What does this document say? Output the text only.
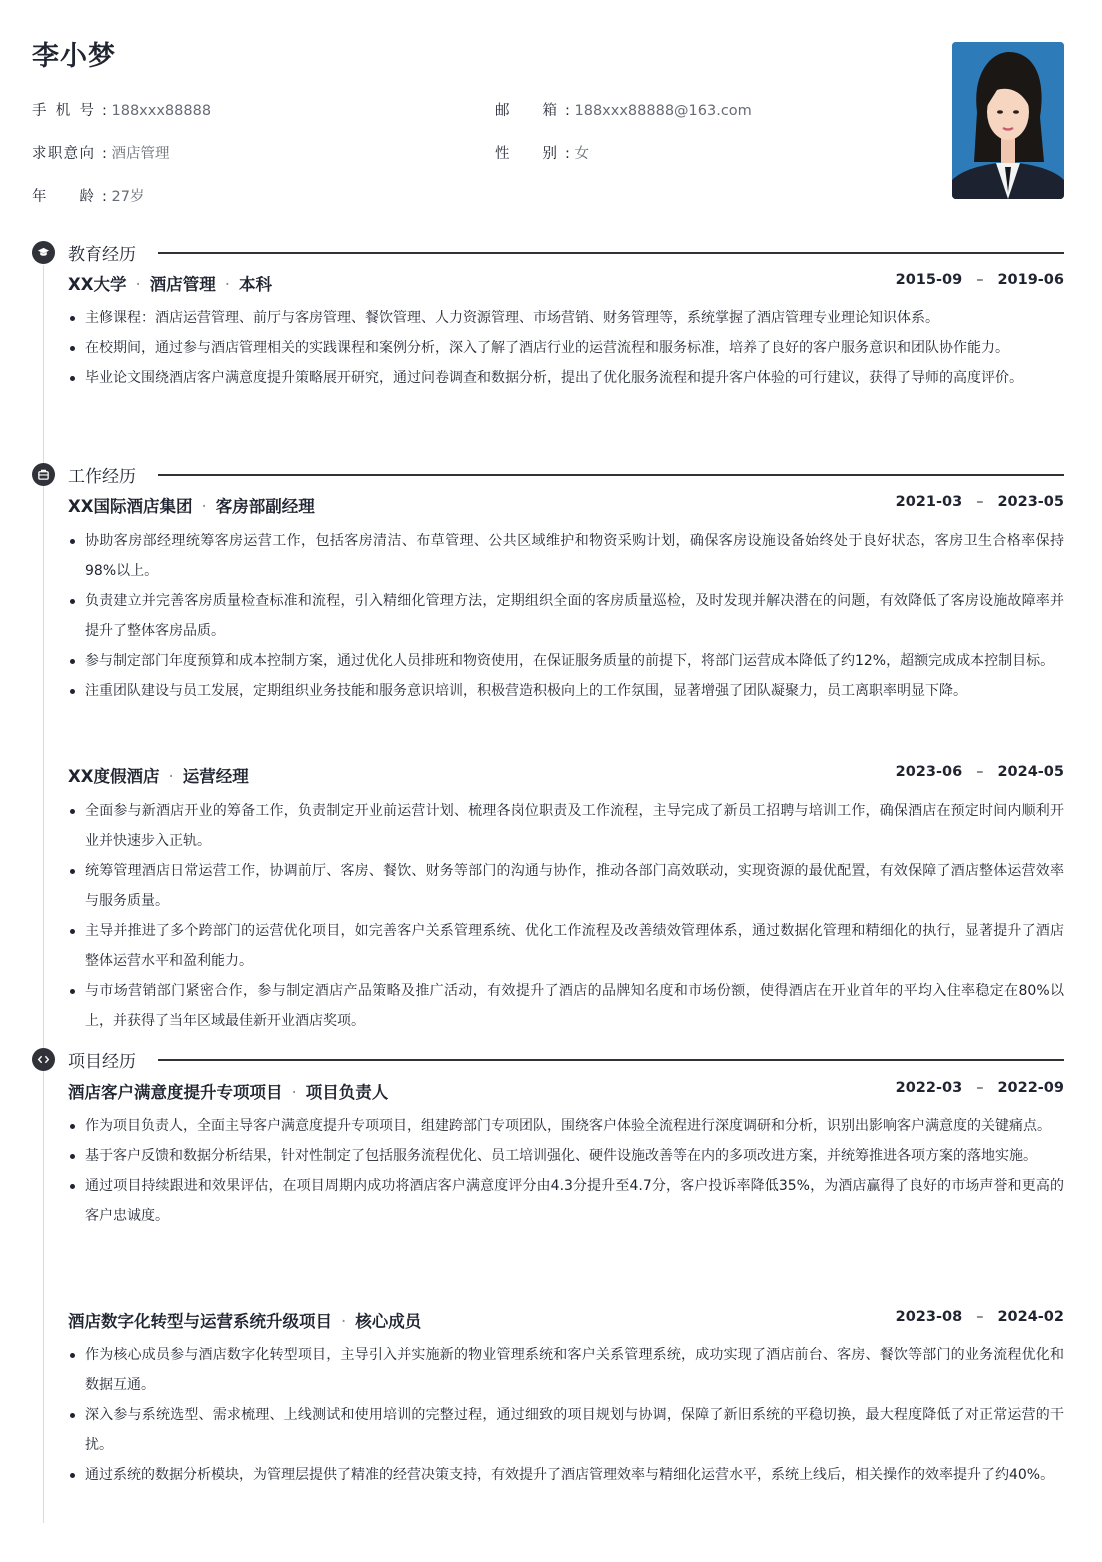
李小梦
手机号 : 188xxx88888	邮箱 : 188xxx88888@163.com
求职意向 : 酒店管理	性别 : 女
年龄 : 27岁
教育经历
XX大学 · 酒店管理 · 本科	2015-09 – 2019-06
主修课程：酒店运营管理、前厅与客房管理、餐饮管理、人力资源管理、市场营销、财务管理等，系统掌握了酒店管理专业理论知识体系。
在校期间，通过参与酒店管理相关的实践课程和案例分析，深入了解了酒店行业的运营流程和服务标准，培养了良好的客户服务意识和团队协作能力。
毕业论文围绕酒店客户满意度提升策略展开研究，通过问卷调查和数据分析，提出了优化服务流程和提升客户体验的可行建议，获得了导师的高度评价。
工作经历
XX国际酒店集团 · 客房部副经理	2021-03 – 2023-05
协助客房部经理统筹客房运营工作，包括客房清洁、布草管理、公共区域维护和物资采购计划，确保客房设施设备始终处于良好状态，客房卫生合格率保持98%以上。
负责建立并完善客房质量检查标准和流程，引入精细化管理方法，定期组织全面的客房质量巡检，及时发现并解决潜在的问题，有效降低了客房设施故障率并提升了整体客房品质。
参与制定部门年度预算和成本控制方案，通过优化人员排班和物资使用，在保证服务质量的前提下，将部门运营成本降低了约12%，超额完成成本控制目标。
注重团队建设与员工发展，定期组织业务技能和服务意识培训，积极营造积极向上的工作氛围，显著增强了团队凝聚力，员工离职率明显下降。
XX度假酒店 · 运营经理	2023-06 – 2024-05
全面参与新酒店开业的筹备工作，负责制定开业前运营计划、梳理各岗位职责及工作流程，主导完成了新员工招聘与培训工作，确保酒店在预定时间内顺利开业并快速步入正轨。
统筹管理酒店日常运营工作，协调前厅、客房、餐饮、财务等部门的沟通与协作，推动各部门高效联动，实现资源的最优配置，有效保障了酒店整体运营效率与服务质量。
主导并推进了多个跨部门的运营优化项目，如完善客户关系管理系统、优化工作流程及改善绩效管理体系，通过数据化管理和精细化的执行，显著提升了酒店整体运营水平和盈利能力。
与市场营销部门紧密合作，参与制定酒店产品策略及推广活动，有效提升了酒店的品牌知名度和市场份额，使得酒店在开业首年的平均入住率稳定在80%以上，并获得了当年区域最佳新开业酒店奖项。
项目经历
酒店客户满意度提升专项项目 · 项目负责人	2022-03 – 2022-09
作为项目负责人，全面主导客户满意度提升专项项目，组建跨部门专项团队，围绕客户体验全流程进行深度调研和分析，识别出影响客户满意度的关键痛点。
基于客户反馈和数据分析结果，针对性制定了包括服务流程优化、员工培训强化、硬件设施改善等在内的多项改进方案，并统筹推进各项方案的落地实施。
通过项目持续跟进和效果评估，在项目周期内成功将酒店客户满意度评分由4.3分提升至4.7分，客户投诉率降低35%，为酒店赢得了良好的市场声誉和更高的客户忠诚度。
酒店数字化转型与运营系统升级项目 · 核心成员	2023-08 – 2024-02
作为核心成员参与酒店数字化转型项目，主导引入并实施新的物业管理系统和客户关系管理系统，成功实现了酒店前台、客房、餐饮等部门的业务流程优化和数据互通。
深入参与系统选型、需求梳理、上线测试和使用培训的完整过程，通过细致的项目规划与协调，保障了新旧系统的平稳切换，最大程度降低了对正常运营的干扰。
通过系统的数据分析模块，为管理层提供了精准的经营决策支持，有效提升了酒店管理效率与精细化运营水平，系统上线后，相关操作的效率提升了约40%。
